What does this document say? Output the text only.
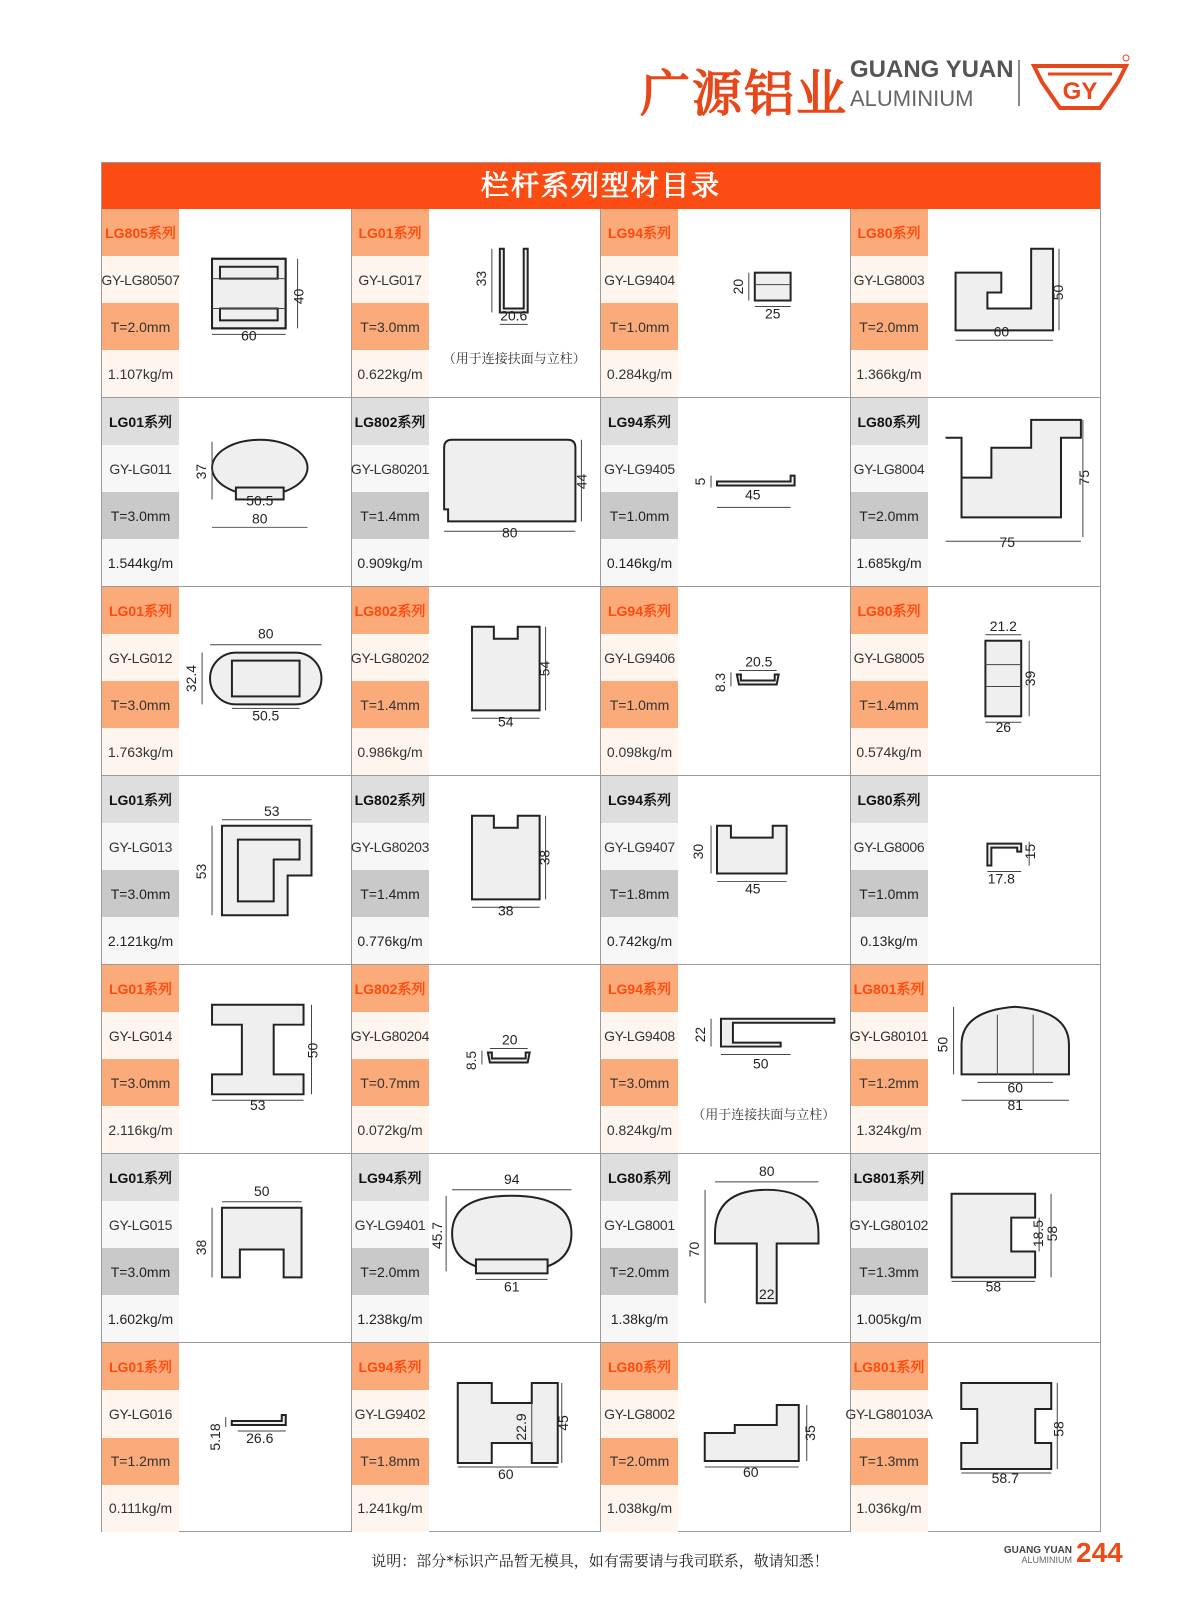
广源铝业 GUANG YUAN
ALUMINIUM	GY
栏杆系列型材目录
LG805系列
GY-LG80507
T=2.0mm
1.107kg/m
40
60
LG01系列
GY-LG017
T=3.0mm
0.622kg/m
33
20.6
（用于连接扶面与立柱）
LG94系列
GY-LG9404
T=1.0mm
0.284kg/m
20
25
LG80系列
GY-LG8003
T=2.0mm
1.366kg/m
50
60
LG01系列
GY-LG011
T=3.0mm
1.544kg/m
37
50.5
80
LG802系列
GY-LG80201
T=1.4mm
0.909kg/m
44
80
LG94系列
GY-LG9405
T=1.0mm
0.146kg/m
5
45
LG80系列
GY-LG8004
T=2.0mm
1.685kg/m
75
75
LG01系列
GY-LG012
T=3.0mm
1.763kg/m
80
32.4
50.5
LG802系列
GY-LG80202
T=1.4mm
0.986kg/m
54
54
LG94系列
GY-LG9406
T=1.0mm
0.098kg/m
20.5
8.3
LG80系列
GY-LG8005
T=1.4mm
0.574kg/m
21.2
39
26
LG01系列
GY-LG013
T=3.0mm
2.121kg/m
53
53
LG802系列
GY-LG80203
T=1.4mm
0.776kg/m
38
38
LG94系列
GY-LG9407
T=1.8mm
0.742kg/m
30
45
LG80系列
GY-LG8006
T=1.0mm
0.13kg/m
15
17.8
LG01系列
GY-LG014
T=3.0mm
2.116kg/m
50
53
LG802系列
GY-LG80204
T=0.7mm
0.072kg/m
20
8.5
LG94系列
GY-LG9408
T=3.0mm
0.824kg/m
22
50
（用于连接扶面与立柱）
LG801系列
GY-LG80101
T=1.2mm
1.324kg/m
50
60
81
LG01系列
GY-LG015
T=3.0mm
1.602kg/m
50
38
LG94系列
GY-LG9401
T=2.0mm
1.238kg/m
94
45.7
61
LG80系列
GY-LG8001
T=2.0mm
1.38kg/m
80
70
22
LG801系列
GY-LG80102
T=1.3mm
1.005kg/m
18.5
58
58
LG01系列
GY-LG016
T=1.2mm
0.111kg/m
5.18 26.6
LG94系列
GY-LG9402
T=1.8mm
1.241kg/m
22.9 45
60
LG80系列
GY-LG8002
T=2.0mm
1.038kg/m
35
60
LG801系列
GY-LG80103A
T=1.3mm
1.036kg/m
58
58.7
说明：部分*标识产品暂无模具，如有需要请与我司联系，敬请知悉！
GUANG YUAN
ALUMINIUM 244
